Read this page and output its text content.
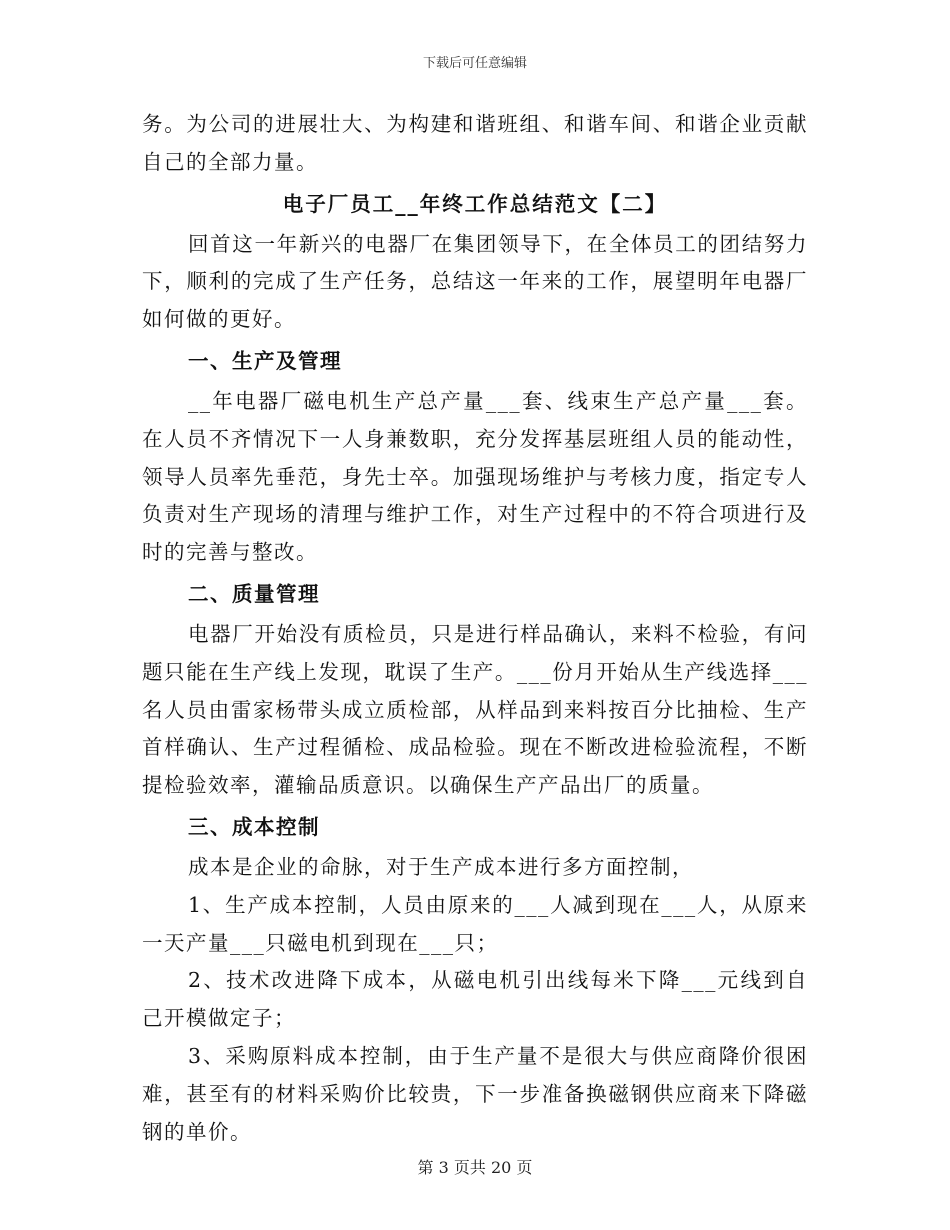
下载后可任意编辑

务。为公司的进展壮大、为构建和谐班组、和谐车间、和谐企业贡献自己的全部力量。

电子厂员工__年终工作总结范文【二】

回首这一年新兴的电器厂在集团领导下，在全体员工的团结努力下，顺利的完成了生产任务，总结这一年来的工作，展望明年电器厂如何做的更好。

一、生产及管理

__年电器厂磁电机生产总产量___套、线束生产总产量___套。在人员不齐情况下一人身兼数职，充分发挥基层班组人员的能动性，领导人员率先垂范，身先士卒。加强现场维护与考核力度，指定专人负责对生产现场的清理与维护工作，对生产过程中的不符合项进行及时的完善与整改。

二、质量管理

电器厂开始没有质检员，只是进行样品确认，来料不检验，有问题只能在生产线上发现，耽误了生产。___份月开始从生产线选择___名人员由雷家杨带头成立质检部，从样品到来料按百分比抽检、生产首样确认、生产过程循检、成品检验。现在不断改进检验流程，不断提检验效率，灌输品质意识。以确保生产产品出厂的质量。

三、成本控制

成本是企业的命脉，对于生产成本进行多方面控制，

1、生产成本控制，人员由原来的___人减到现在___人，从原来一天产量___只磁电机到现在___只；

2、技术改进降下成本，从磁电机引出线每米下降___元线到自己开模做定子；

3、采购原料成本控制，由于生产量不是很大与供应商降价很困难，甚至有的材料采购价比较贵，下一步准备换磁钢供应商来下降磁钢的单价。

第 3 页共 20 页
